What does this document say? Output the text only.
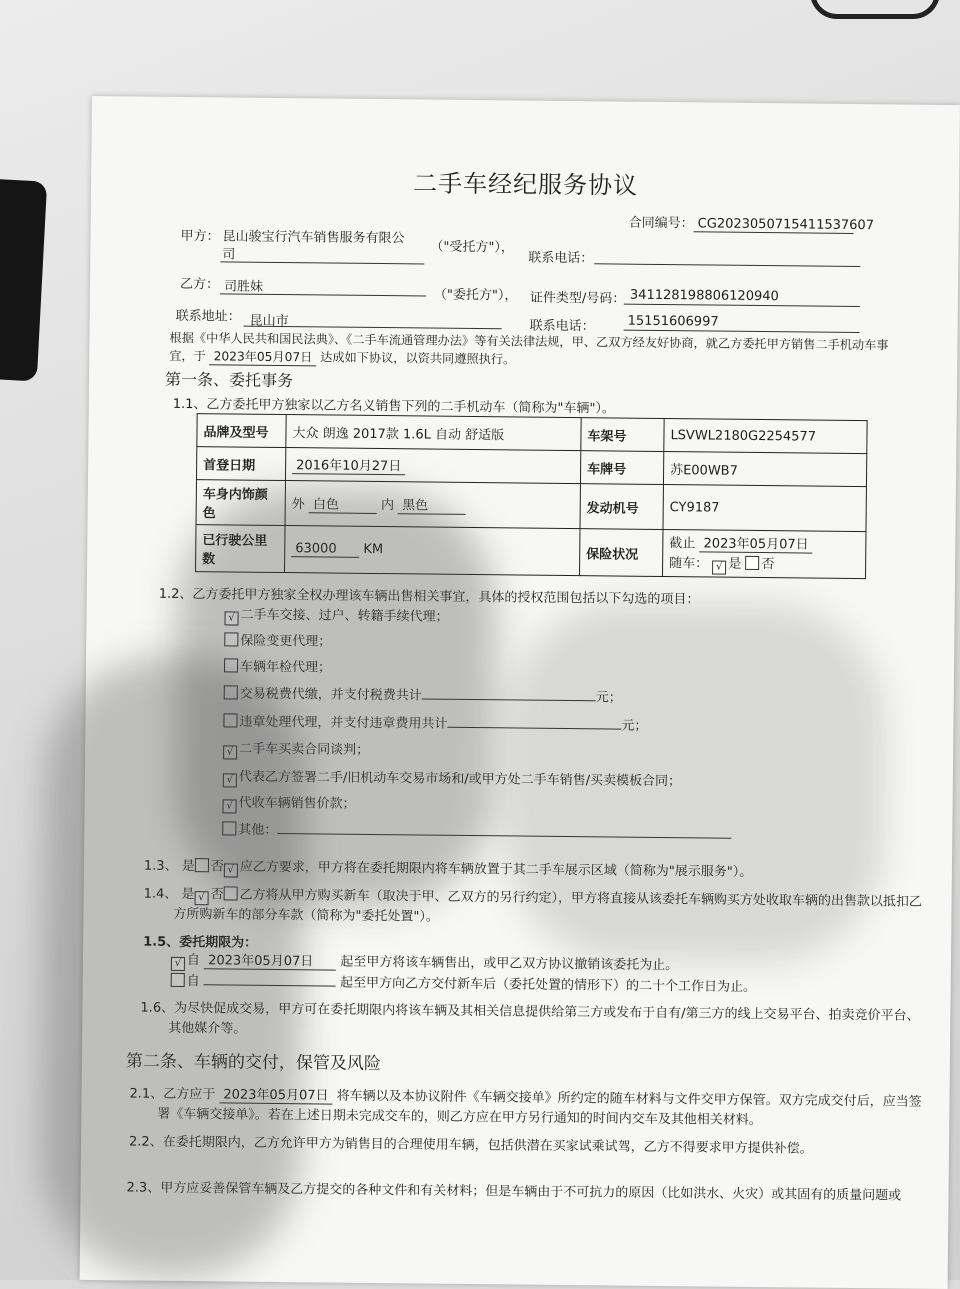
二手车经纪服务协议
合同编号： CG2023050715411537607
甲方： 昆山骏宝行汽车销售服务有限公
司	（"受托方"），
联系电话：
乙方： 司胜妹
（"委托方"）， 证件类型/号码： 341128198806120940
联系地址： 昆山市	联系电话：	15151606997
根据《中华人民共和国民法典》、《二手车流通管理办法》等有关法律法规，甲、乙双方经友好协商，就乙方委托甲方销售二手机动车事
宜，于 2023年05月07日 达成如下协议，以资共同遵照执行。
第一条、委托事务
1.1、乙方委托甲方独家以乙方名义销售下列的二手机动车（简称为"车辆"）。
品牌及型号	大众 朗逸 2017款 1.6L 自动 舒适版	车架号	LSVWL2180G2254577
首登日期	2016年10月27日	车牌号	苏E00WB7
车身内饰颜色	外 白色 内 黑色	发动机号	CY9187
已行驶公里数	63000 KM	保险状况	截止 2023年05月07日
随车： √ 是 否
1.2、乙方委托甲方独家全权办理该车辆出售相关事宜，具体的授权范围包括以下勾选的项目：
√ 二手车交接、过户、转籍手续代理；
保险变更代理；
车辆年检代理；
交易税费代缴，并支付税费共计	元；
违章处理代理，并支付违章费用共计	元；
√ 二手车买卖合同谈判；
√ 代表乙方签署二手/旧机动车交易市场和/或甲方处二手车销售/买卖模板合同；
√ 代收车辆销售价款；
其他：
1.3、 是 否 √ 应乙方要求，甲方将在委托期限内将车辆放置于其二手车展示区域（简称为"展示服务"）。
1.4、 是 √ 否 乙方将从甲方购买新车（取决于甲、乙双方的另行约定），甲方将直接从该委托车辆购买方处收取车辆的出售款以抵扣乙
方所购新车的部分车款（简称为"委托处置"）。
1.5、委托期限为：
√ 自 2023年05月07日 起至甲方将该车辆售出，或甲乙双方协议撤销该委托为止。
自	起至甲方向乙方交付新车后（委托处置的情形下）的二十个工作日为止。
1.6、为尽快促成交易，甲方可在委托期限内将该车辆及其相关信息提供给第三方或发布于自有/第三方的线上交易平台、拍卖竞价平台、
其他媒介等。
第二条、车辆的交付，保管及风险
2.1、乙方应于 2023年05月07日 将车辆以及本协议附件《车辆交接单》所约定的随车材料与文件交甲方保管。双方完成交付后，应当签
署《车辆交接单》。若在上述日期未完成交车的，则乙方应在甲方另行通知的时间内交车及其他相关材料。
2.2、在委托期限内，乙方允许甲方为销售目的合理使用车辆，包括供潜在买家试乘试驾，乙方不得要求甲方提供补偿。
2.3、甲方应妥善保管车辆及乙方提交的各种文件和有关材料；但是车辆由于不可抗力的原因（比如洪水、火灾）或其固有的质量问题或
